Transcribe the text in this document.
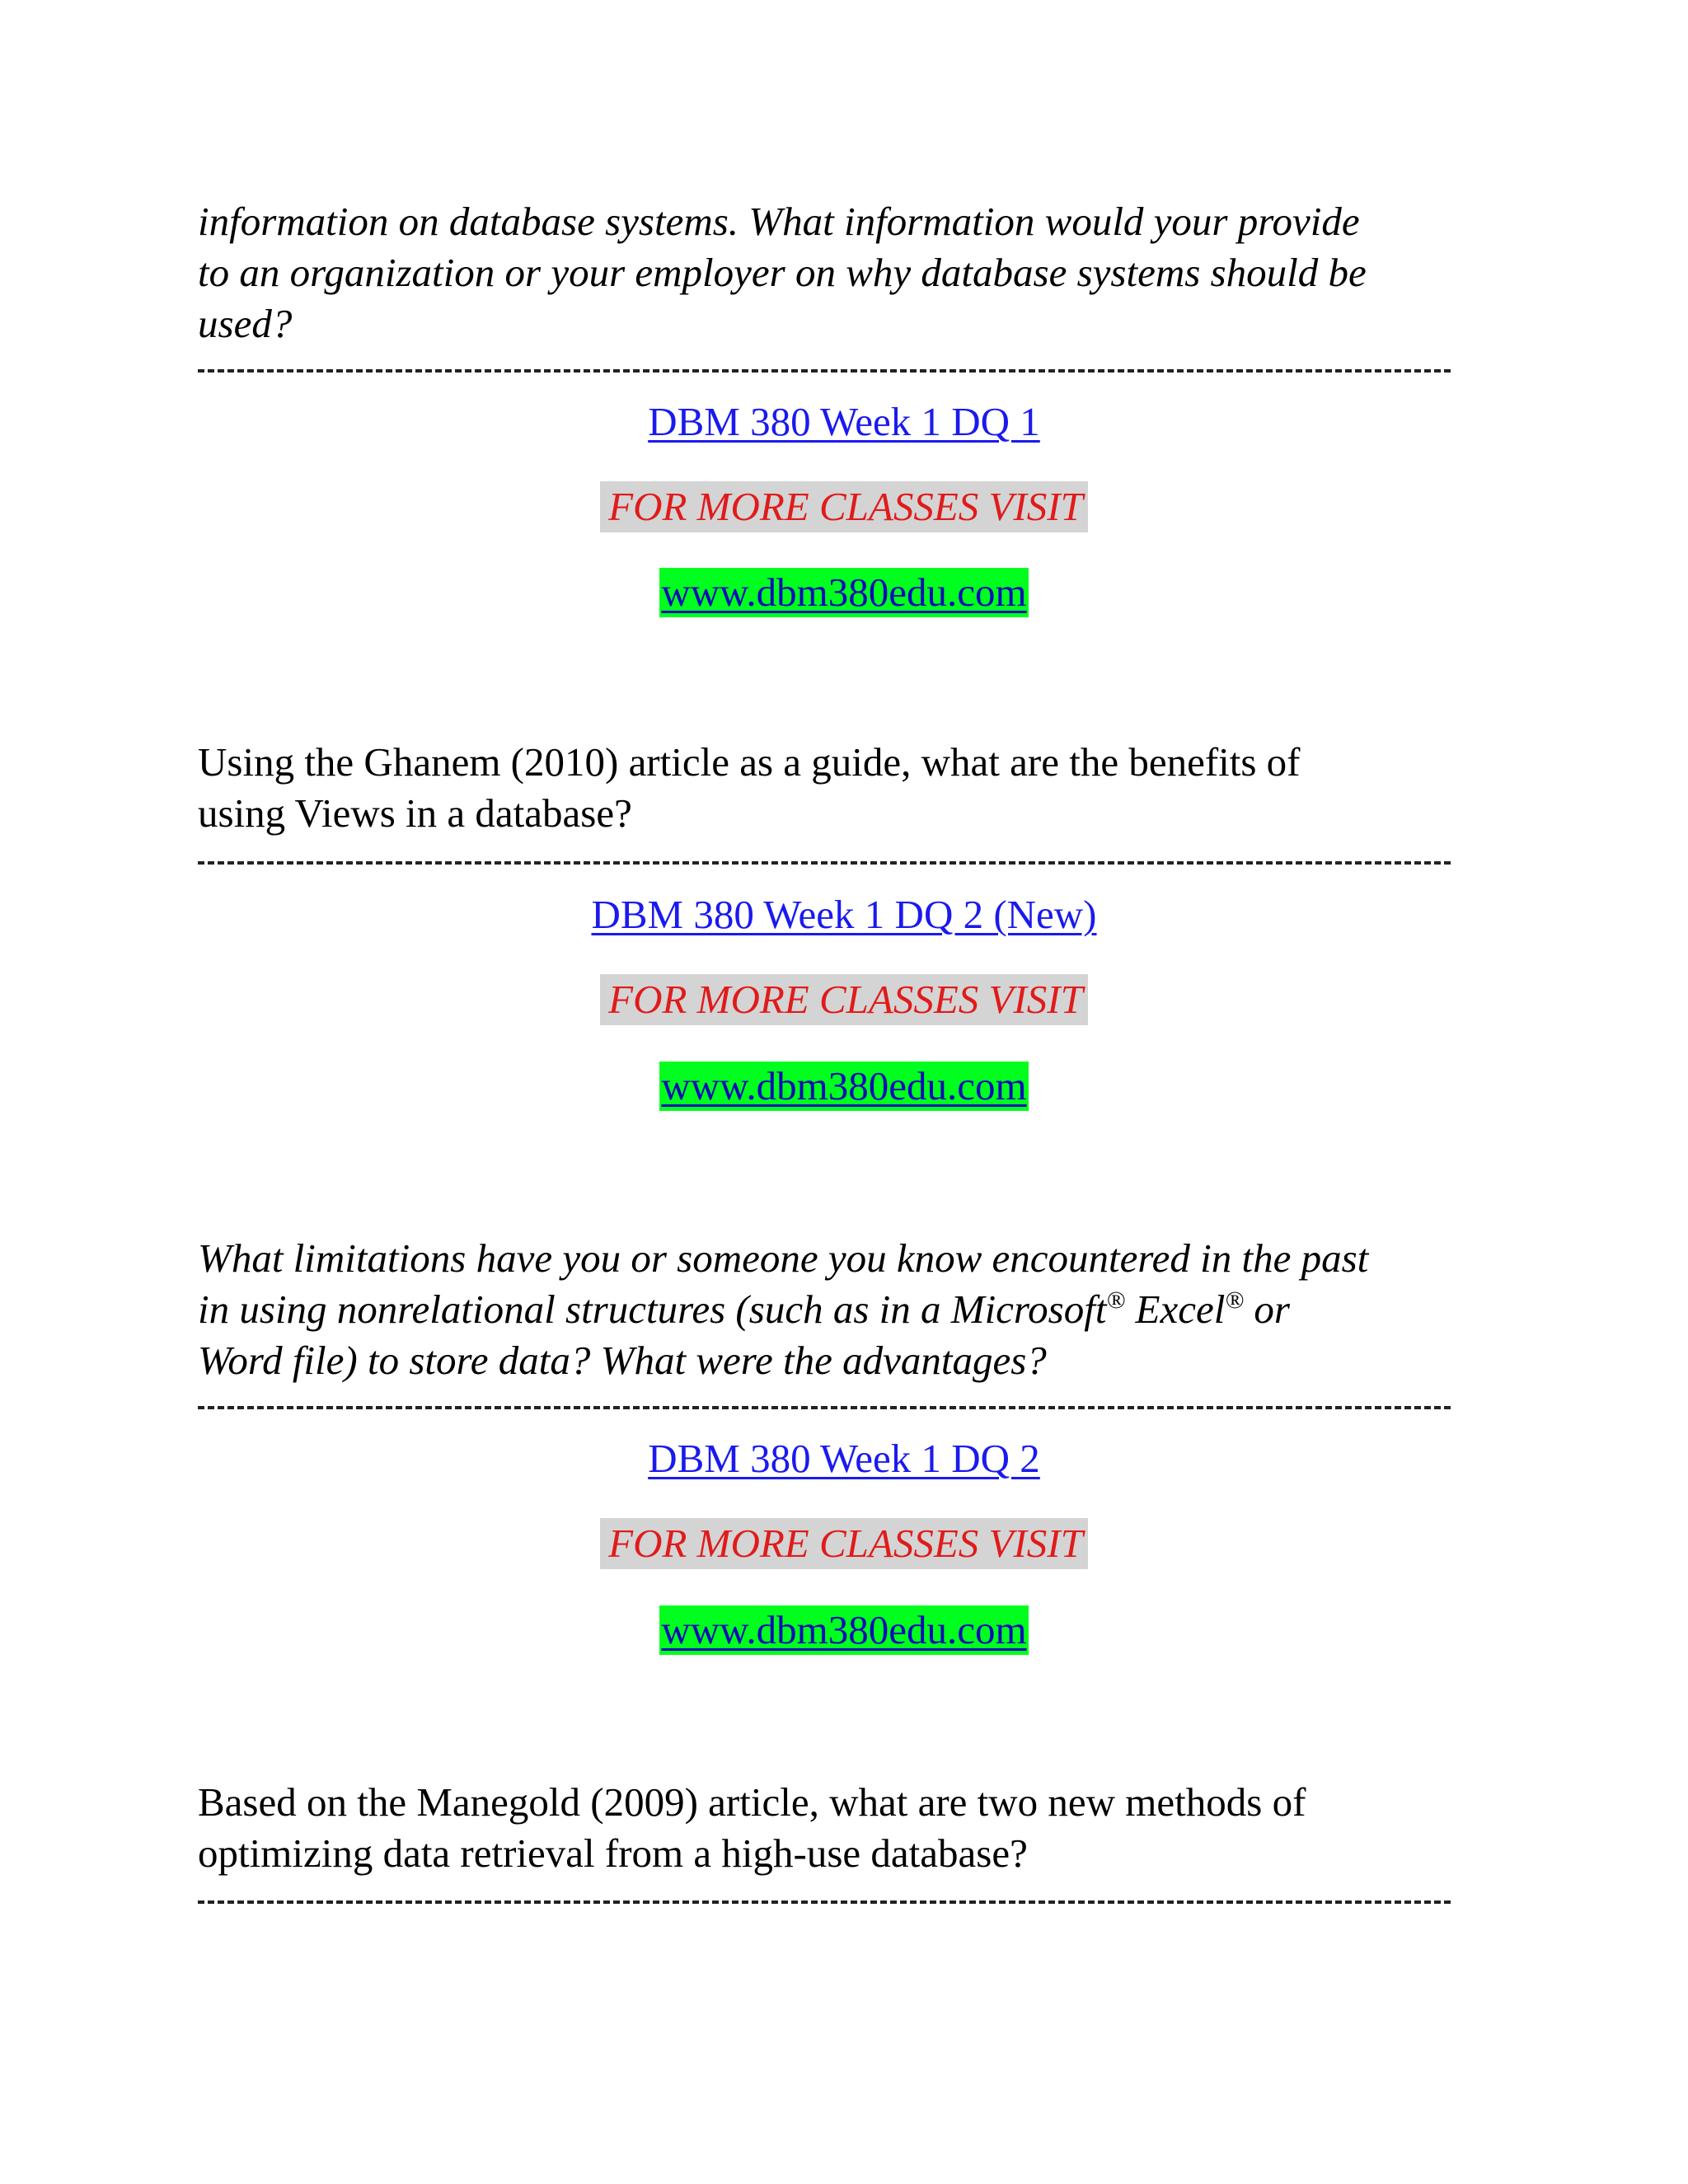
information on database systems. What information would your provide
to an organization or your employer on why database systems should be
used?

DBM 380 Week 1 DQ 1
FOR MORE CLASSES VISIT
www.dbm380edu.com

Using the Ghanem (2010) article as a guide, what are the benefits of
using Views in a database?

DBM 380 Week 1 DQ 2 (New)
FOR MORE CLASSES VISIT
www.dbm380edu.com

What limitations have you or someone you know encountered in the past
in using nonrelational structures (such as in a Microsoft® Excel® or
Word file) to store data? What were the advantages?

DBM 380 Week 1 DQ 2
FOR MORE CLASSES VISIT
www.dbm380edu.com

Based on the Manegold (2009) article, what are two new methods of
optimizing data retrieval from a high-use database?
